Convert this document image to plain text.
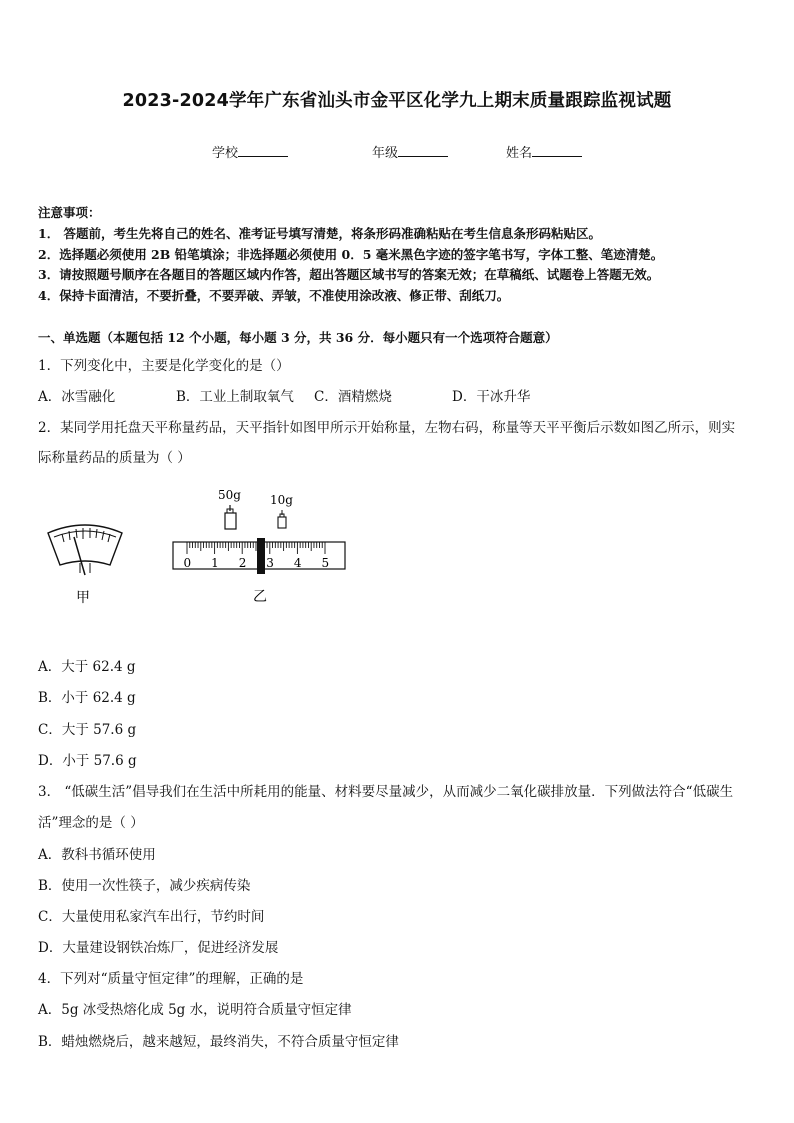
2023-2024学年广东省汕头市金平区化学九上期末质量跟踪监视试题
学校	年级	姓名
注意事项：
1． 答题前，考生先将自己的姓名、准考证号填写清楚，将条形码准确粘贴在考生信息条形码粘贴区。
2．选择题必须使用 2B 铅笔填涂；非选择题必须使用 0．5 毫米黑色字迹的签字笔书写，字体工整、笔迹清楚。
3．请按照题号顺序在各题目的答题区域内作答，超出答题区域书写的答案无效；在草稿纸、试题卷上答题无效。
4．保持卡面清洁，不要折叠，不要弄破、弄皱，不准使用涂改液、修正带、刮纸刀。
一、单选题（本题包括 12 个小题，每小题 3 分，共 36 分．每小题只有一个选项符合题意）
1．下列变化中，主要是化学变化的是（）
A．冰雪融化	B．工业上制取氧气 C．酒精燃烧	D．干冰升华
2．某同学用托盘天平称量药品，天平指针如图甲所示开始称量，左物右码，称量等天平平衡后示数如图乙所示，则实
际称量药品的质量为（ ）
甲
50g 10g
0 1 2 3 4 5
乙
A．大于 62.4 g
B．小于 62.4 g
C．大于 57.6 g
D．小于 57.6 g
3． “低碳生活”倡导我们在生活中所耗用的能量、材料要尽量减少，从而减少二氧化碳排放量．下列做法符合“低碳生
活”理念的是（ ）
A．教科书循环使用
B．使用一次性筷子，减少疾病传染
C．大量使用私家汽车出行，节约时间
D．大量建设钢铁冶炼厂，促进经济发展
4．下列对“质量守恒定律”的理解，正确的是
A．5g 冰受热熔化成 5g 水，说明符合质量守恒定律
B．蜡烛燃烧后，越来越短，最终消失，不符合质量守恒定律
